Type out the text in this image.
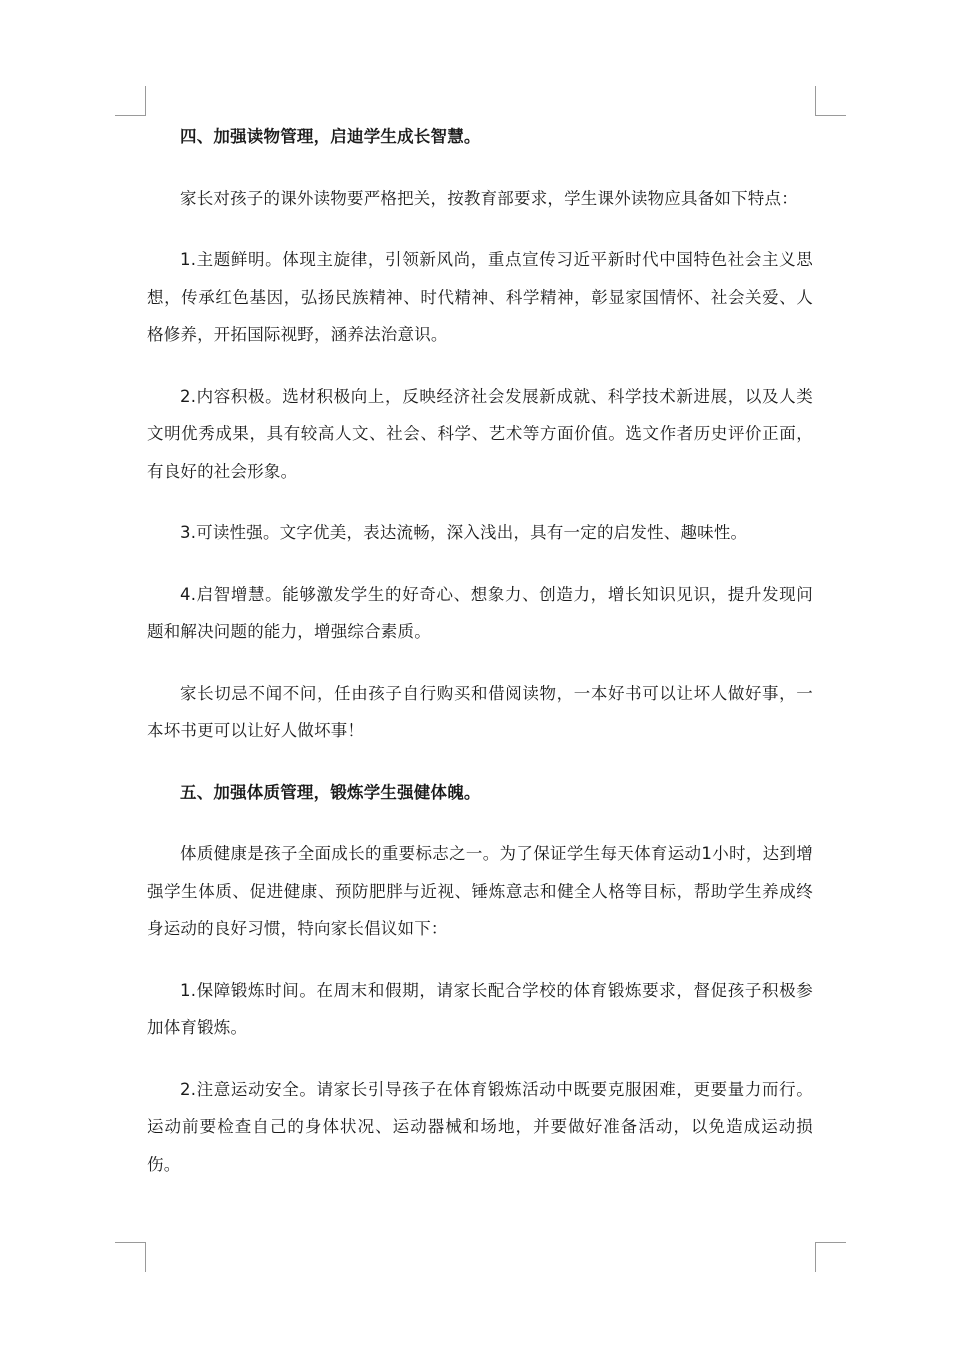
四、加强读物管理，启迪学生成长智慧。

家长对孩子的课外读物要严格把关，按教育部要求，学生课外读物应具备如下特点：

1.主题鲜明。体现主旋律，引领新风尚，重点宣传习近平新时代中国特色社会主义思想，传承红色基因，弘扬民族精神、时代精神、科学精神，彰显家国情怀、社会关爱、人格修养，开拓国际视野，涵养法治意识。

2.内容积极。选材积极向上，反映经济社会发展新成就、科学技术新进展，以及人类文明优秀成果，具有较高人文、社会、科学、艺术等方面价值。选文作者历史评价正面，有良好的社会形象。

3.可读性强。文字优美，表达流畅，深入浅出，具有一定的启发性、趣味性。

4.启智增慧。能够激发学生的好奇心、想象力、创造力，增长知识见识，提升发现问题和解决问题的能力，增强综合素质。

家长切忌不闻不问，任由孩子自行购买和借阅读物，一本好书可以让坏人做好事，一本坏书更可以让好人做坏事！

五、加强体质管理，锻炼学生强健体魄。

体质健康是孩子全面成长的重要标志之一。为了保证学生每天体育运动1小时，达到增强学生体质、促进健康、预防肥胖与近视、锤炼意志和健全人格等目标，帮助学生养成终身运动的良好习惯，特向家长倡议如下：

1.保障锻炼时间。在周末和假期，请家长配合学校的体育锻炼要求，督促孩子积极参加体育锻炼。

2.注意运动安全。请家长引导孩子在体育锻炼活动中既要克服困难，更要量力而行。运动前要检查自己的身体状况、运动器械和场地，并要做好准备活动，以免造成运动损伤。
